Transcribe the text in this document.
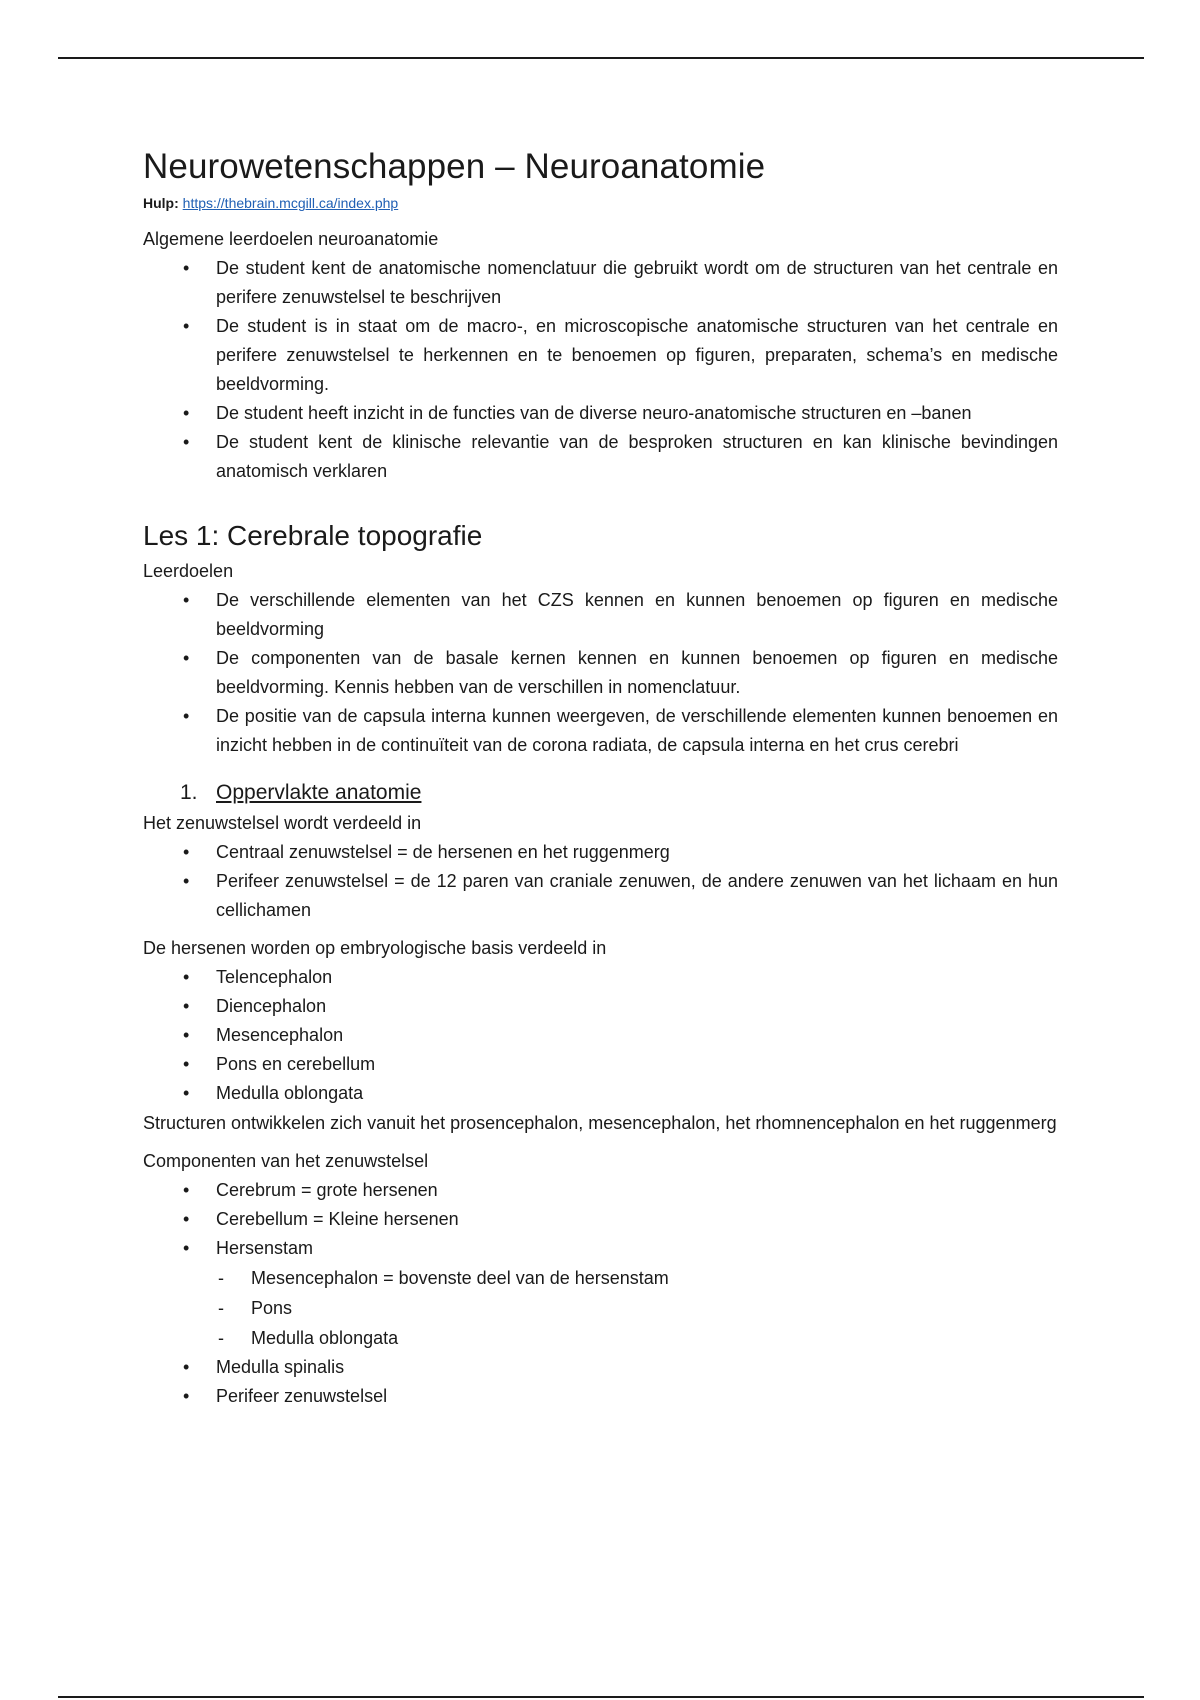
Neurowetenschappen – Neuroanatomie

Hulp: https://thebrain.mcgill.ca/index.php

Algemene leerdoelen neuroanatomie

• De student kent de anatomische nomenclatuur die gebruikt wordt om de structuren van het centrale en perifere zenuwstelsel te beschrijven
• De student is in staat om de macro-, en microscopische anatomische structuren van het centrale en perifere zenuwstelsel te herkennen en te benoemen op figuren, preparaten, schema’s en medische beeldvorming.
• De student heeft inzicht in de functies van de diverse neuro-anatomische structuren en –banen
• De student kent de klinische relevantie van de besproken structuren en kan klinische bevindingen anatomisch verklaren
Les 1: Cerebrale topografie

Leerdoelen

• De verschillende elementen van het CZS kennen en kunnen benoemen op figuren en medische beeldvorming
• De componenten van de basale kernen kennen en kunnen benoemen op figuren en medische beeldvorming. Kennis hebben van de verschillen in nomenclatuur.
• De positie van de capsula interna kunnen weergeven, de verschillende elementen kunnen benoemen en inzicht hebben in de continuïteit van de corona radiata, de capsula interna en het crus cerebri

1. Oppervlakte anatomie

Het zenuwstelsel wordt verdeeld in

• Centraal zenuwstelsel = de hersenen en het ruggenmerg
• Perifeer zenuwstelsel = de 12 paren van craniale zenuwen, de andere zenuwen van het lichaam en hun cellichamen

De hersenen worden op embryologische basis verdeeld in

• Telencephalon
• Diencephalon
• Mesencephalon
• Pons en cerebellum
• Medulla oblongata

Structuren ontwikkelen zich vanuit het prosencephalon, mesencephalon, het rhomnencephalon en het ruggenmerg

Componenten van het zenuwstelsel

• Cerebrum = grote hersenen
• Cerebellum = Kleine hersenen
• Hersenstam
- Mesencephalon = bovenste deel van de hersenstam
- Pons
- Medulla oblongata
• Medulla spinalis
• Perifeer zenuwstelsel
